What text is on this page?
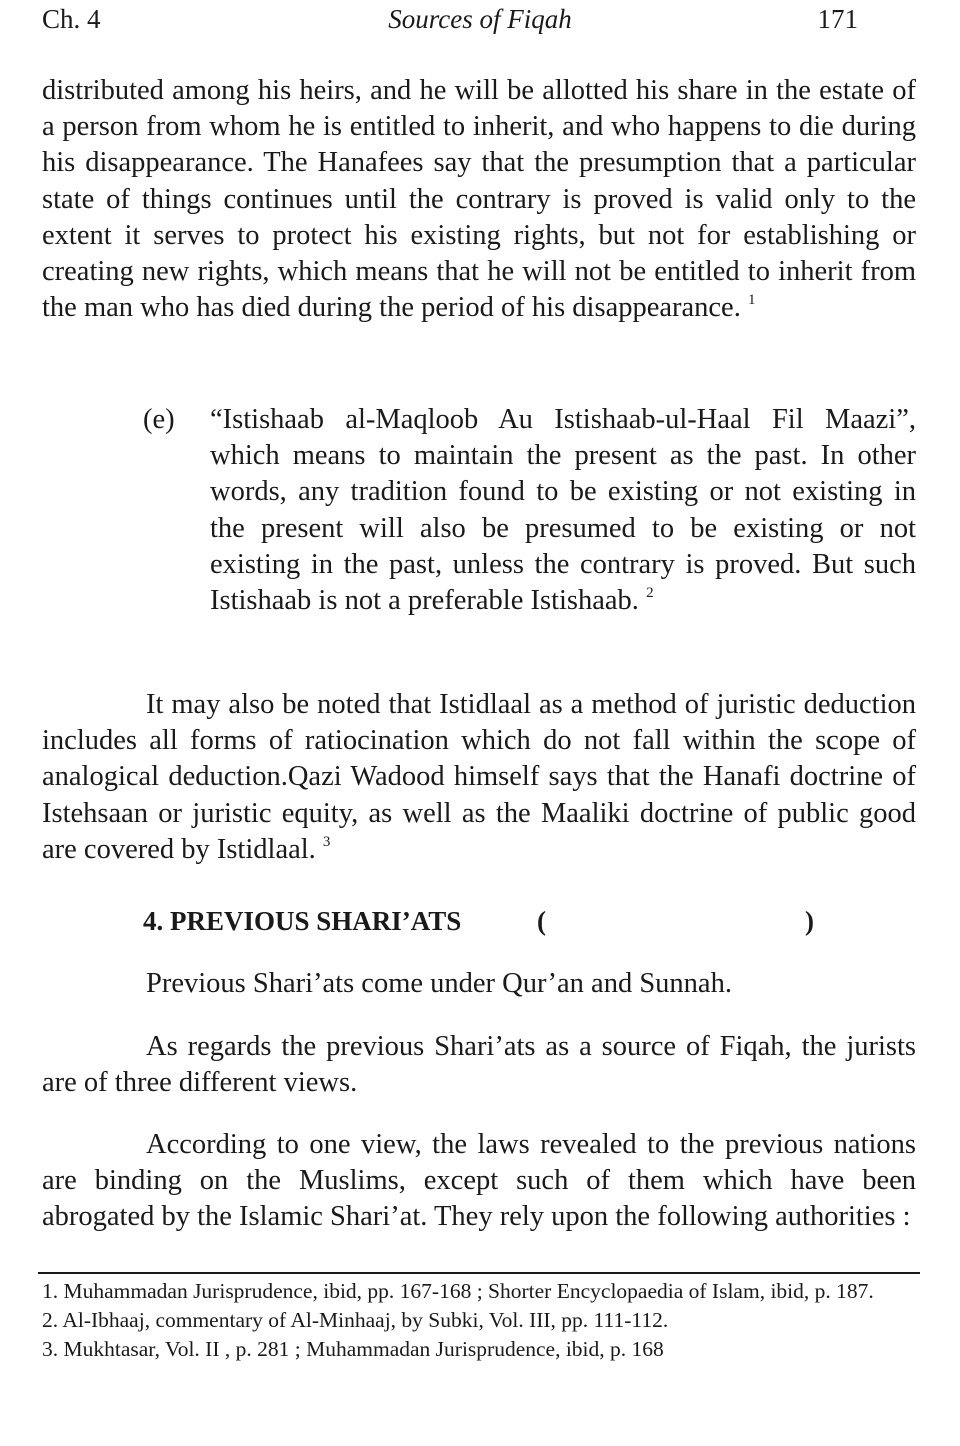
Ch. 4	Sources of Fiqah	171

distributed among his heirs, and he will be allotted his share in the estate of a person from whom he is entitled to inherit, and who happens to die during his disappearance. The Hanafees say that the presumption that a particular state of things continues until the contrary is proved is valid only to the extent it serves to protect his existing rights, but not for establishing or creating new rights, which means that he will not be entitled to inherit from the man who has died during the period of his disappearance. $^1$

(e) “Istishaab al-Maqloob Au Istishaab-ul-Haal Fil Maazi”, which means to maintain the present as the past. In other words, any tradition found to be existing or not existing in the present will also be presumed to be existing or not existing in the past, unless the contrary is proved. But such Istishaab is not a preferable Istishaab. $^2$

It may also be noted that Istidlaal as a method of juristic deduction includes all forms of ratiocination which do not fall within the scope of analogical deduction.Qazi Wadood himself says that the Hanafi doctrine of Istehsaan or juristic equity, as well as the Maaliki doctrine of public good are covered by Istidlaal. $^3$

4. PREVIOUS SHARI’ATS	(	)
Previous Shari’ats come under Qur’an and Sunnah.

As regards the previous Shari’ats as a source of Fiqah, the jurists are of three different views.

According to one view, the laws revealed to the previous nations are binding on the Muslims, except such of them which have been abrogated by the Islamic Shari’at. They rely upon the following authorities :

1. Muhammadan Jurisprudence, ibid, pp. 167-168 ; Shorter Encyclopaedia of Islam, ibid, p. 187.

2. Al-Ibhaaj, commentary of Al-Minhaaj, by Subki, Vol. III, pp. 111-112.

3. Mukhtasar, Vol. II , p. 281 ; Muhammadan Jurisprudence, ibid, p. 168
